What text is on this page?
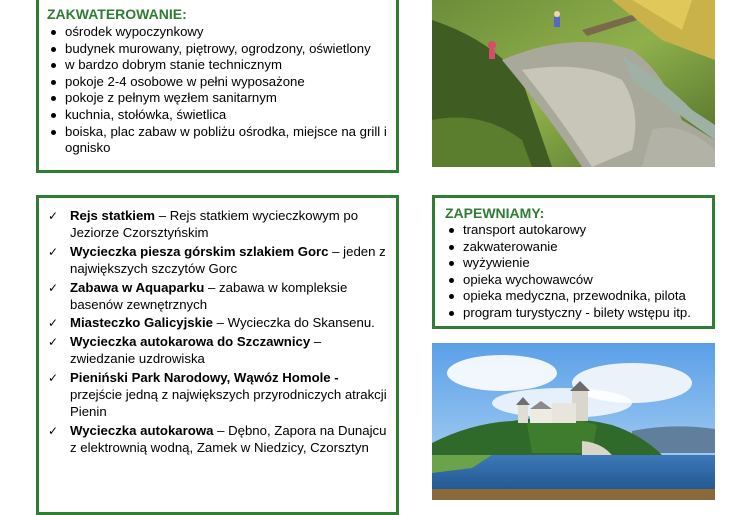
ZAKWATEROWANIE:
ośrodek wypoczynkowy
budynek murowany, piętrowy, ogrodzony, oświetlony
w bardzo dobrym stanie technicznym
pokoje 2-4 osobowe w pełni wyposażone
pokoje z pełnym węzłem sanitarnym
kuchnia, stołówka, świetlica
boiska, plac zabaw w pobliżu ośrodka, miejsce na grill i ognisko
✓ Rejs statkiem – Rejs statkiem wycieczkowym po Jeziorze Czorsztyńskim
✓ Wycieczka piesza górskim szlakiem Gorc – jeden z największych szczytów Gorc
✓ Zabawa w Aquaparku – zabawa w kompleksie basenów zewnętrznych
✓ Miasteczko Galicyjskie – Wycieczka do Skansenu.
✓ Wycieczka autokarowa do Szczawnicy – zwiedzanie uzdrowiska
✓ Pieniński Park Narodowy, Wąwóz Homole - przejście jedną z największych przyrodniczych atrakcji Pienin
✓ Wycieczka autokarowa – Dębno, Zapora na Dunajcu z elektrownią wodną, Zamek w Niedzicy, Czorsztyn
ZAPEWNIAMY:
transport autokarowy
zakwaterowanie
wyżywienie
opieka wychowawców
opieka medyczna, przewodnika, pilota
program turystyczny - bilety wstępu itp.
